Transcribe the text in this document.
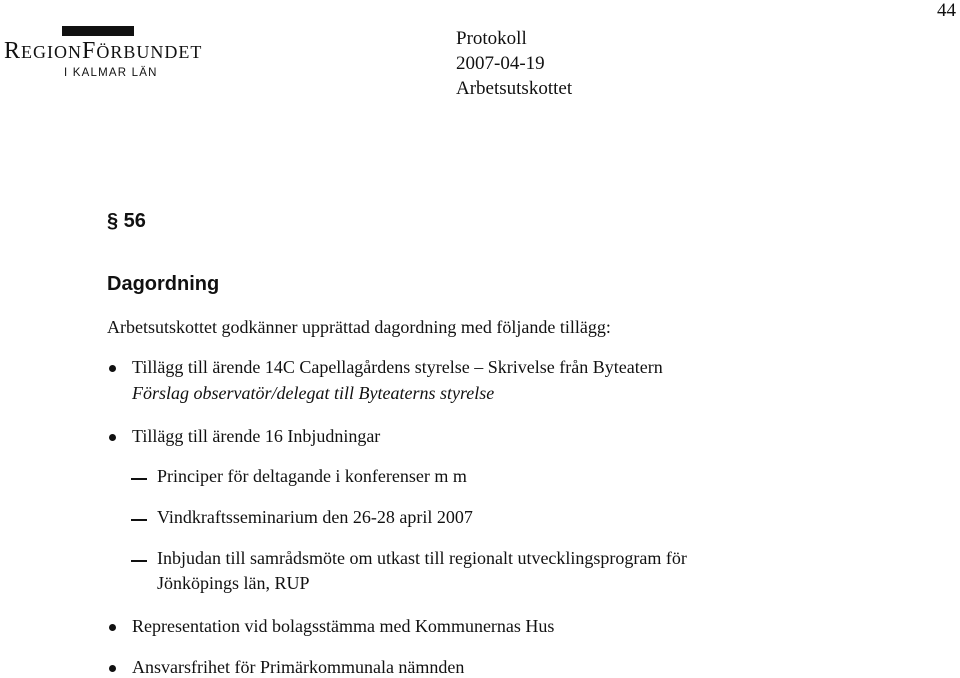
44
REGIONFÖRBUNDET
I KALMAR LÄN
Protokoll
2007-04-19
Arbetsutskottet
§ 56
Dagordning
Arbetsutskottet godkänner upprättad dagordning med följande tillägg:
Tillägg till ärende 14C Capellagårdens styrelse – Skrivelse från Byteatern
Förslag observatör/delegat till Byteaterns styrelse
Tillägg till ärende 16 Inbjudningar
Principer för deltagande i konferenser m m
Vindkraftsseminarium den 26-28 april 2007
Inbjudan till samrådsmöte om utkast till regionalt utvecklingsprogram för
Jönköpings län, RUP
Representation vid bolagsstämma med Kommunernas Hus
Ansvarsfrihet för Primärkommunala nämnden
